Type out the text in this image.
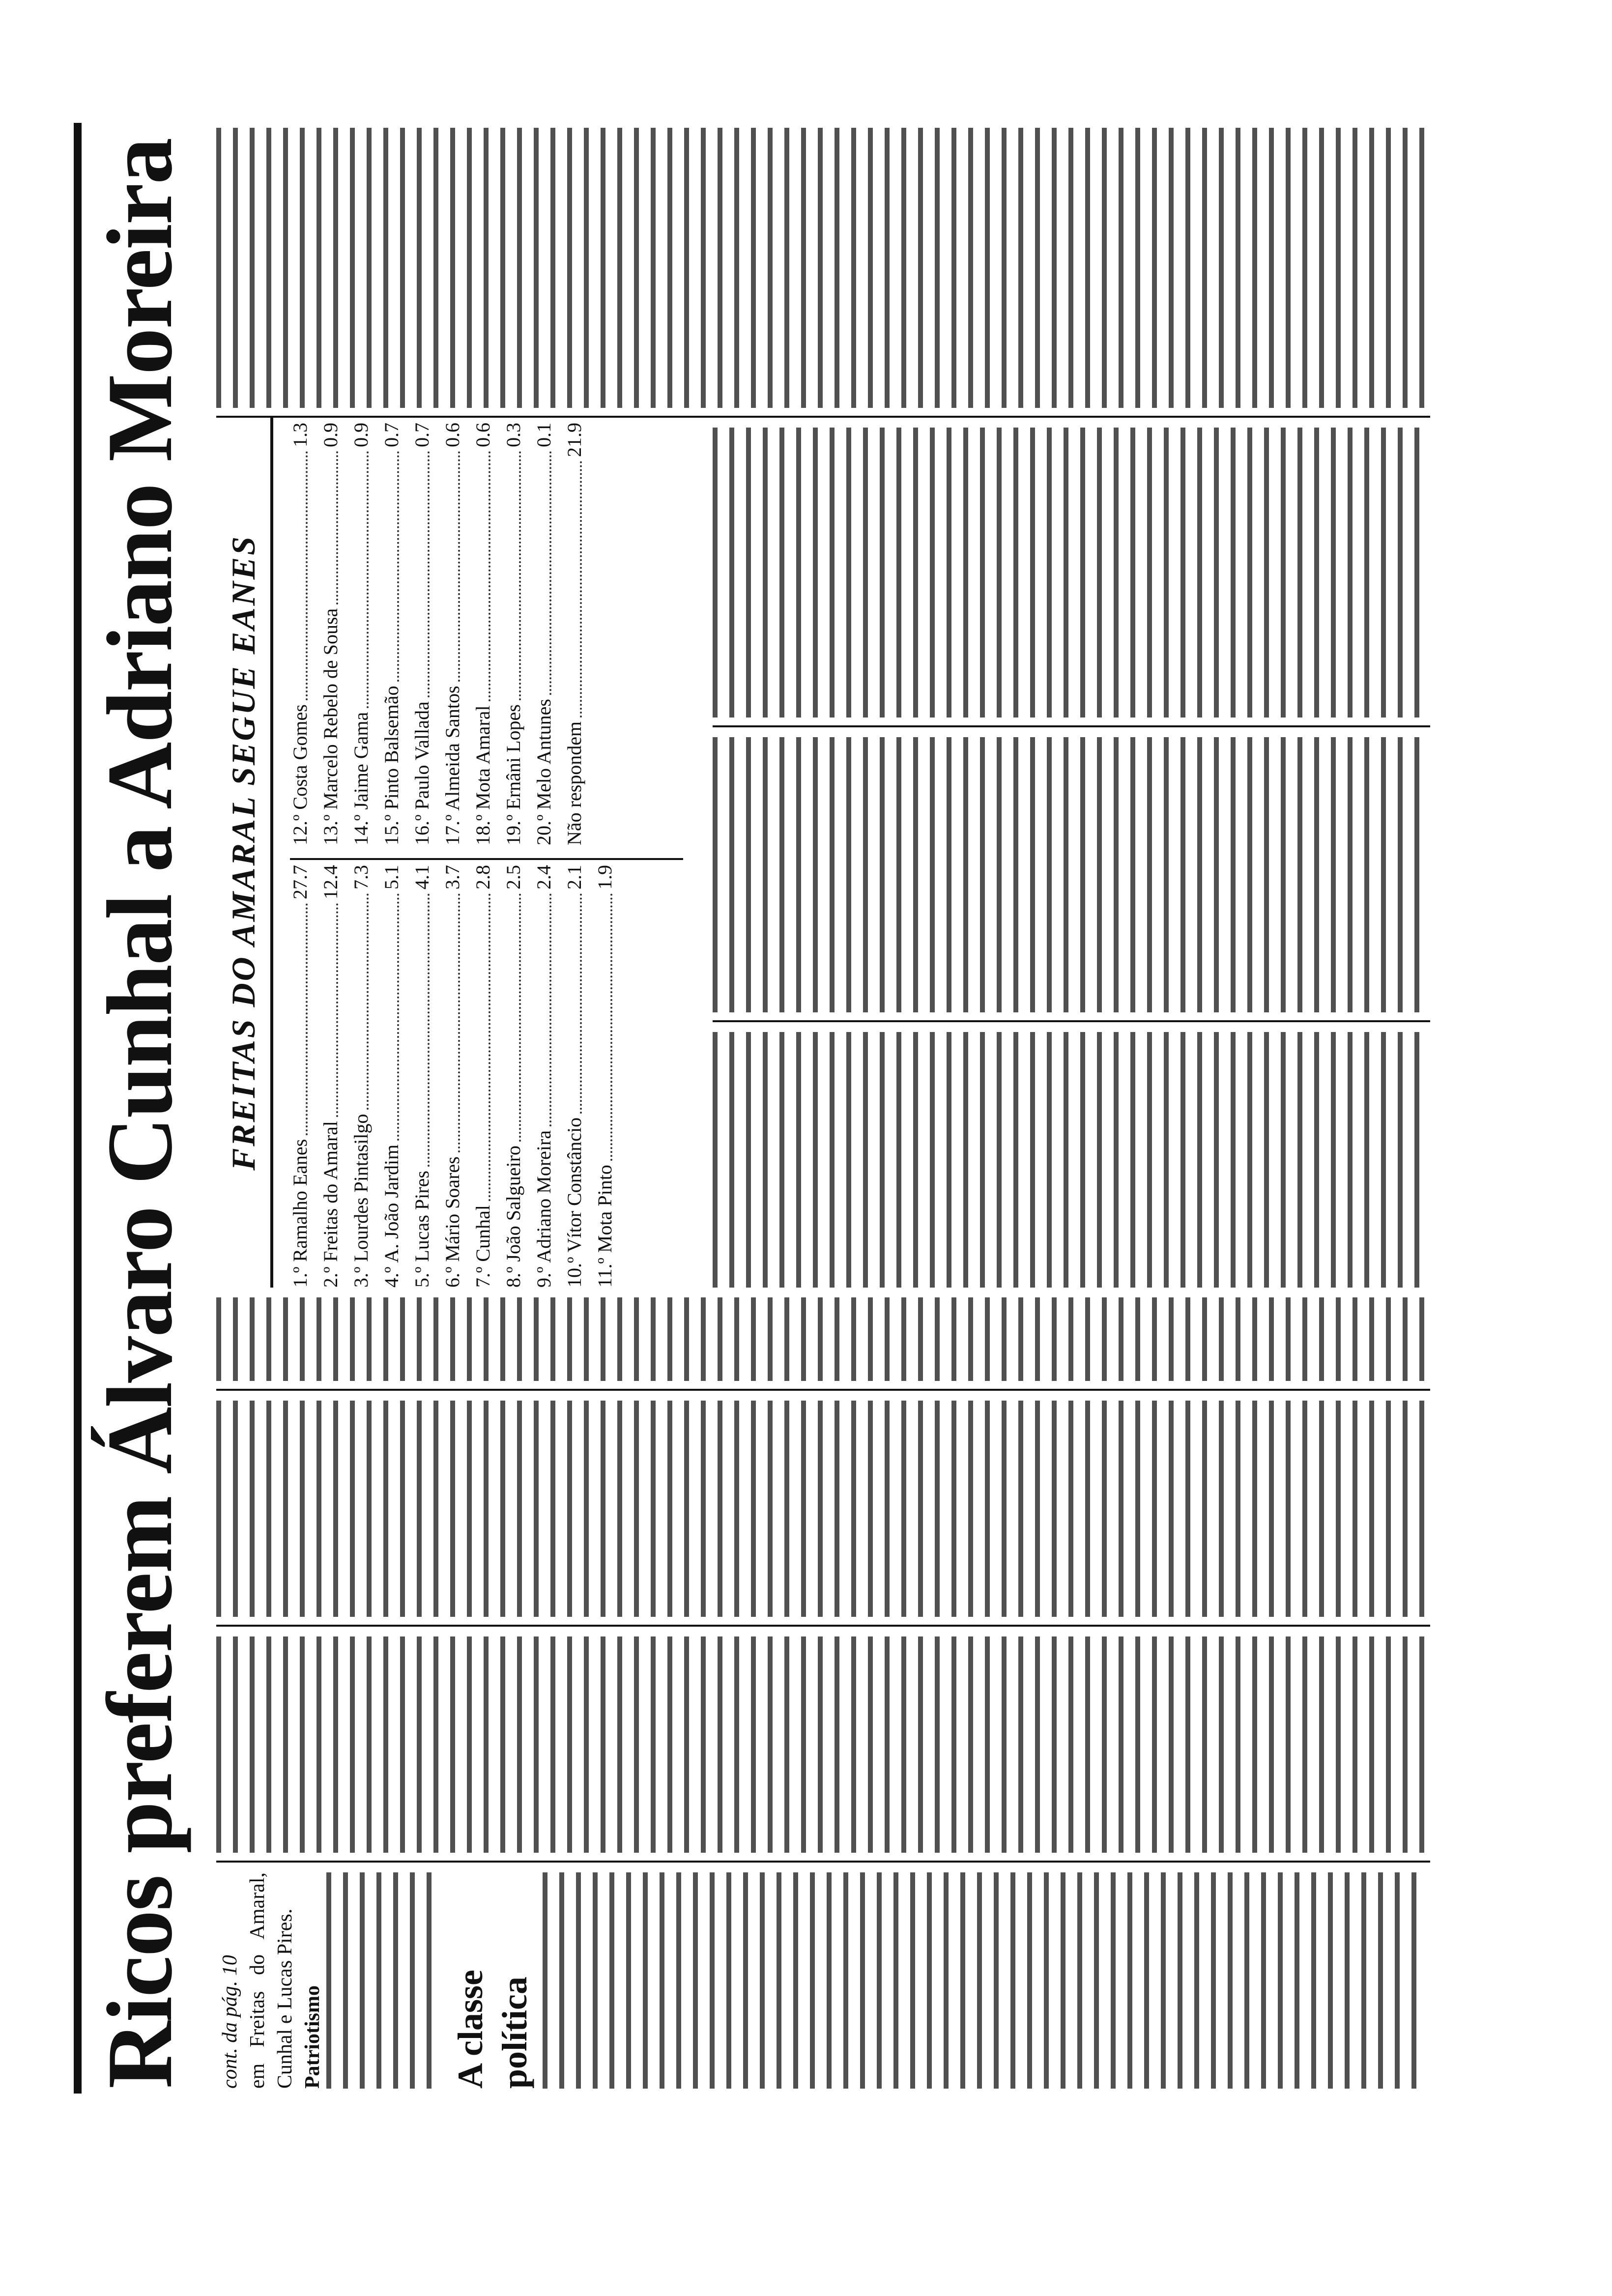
Ricos preferem Álvaro Cunhal a Adriano Moreira cont. da pág. 10 em Freitas do Amaral, Cunhal e Lucas Pires. Patriotismo	A classe política
FREITAS DO AMARAL SEGUE EANES
1.º Ramalho Eanes
27.7
2.º Freitas do Amaral
12.4
3.º Lourdes Pintasilgo
7.3
4.º A. João Jardim
5.1
5.º Lucas Pires
4.1
6.º Mário Soares
3.7
7.º Cunhal
2.8
8.º João Salgueiro
2.5
9.º Adriano Moreira
2.4
10.º Vítor Constâncio
2.1
11.º Mota Pinto
1.9
12.º Costa Gomes
1.3
13.º Marcelo Rebelo de Sousa
0.9
14.º Jaime Gama
0.9
15.º Pinto Balsemão
0.7
16.º Paulo Vallada
0.7
17.º Almeida Santos
0.6
18.º Mota Amaral
0.6
19.º Ernâni Lopes
0.3
20.º Melo Antunes
0.1
Não respondem
21.9
